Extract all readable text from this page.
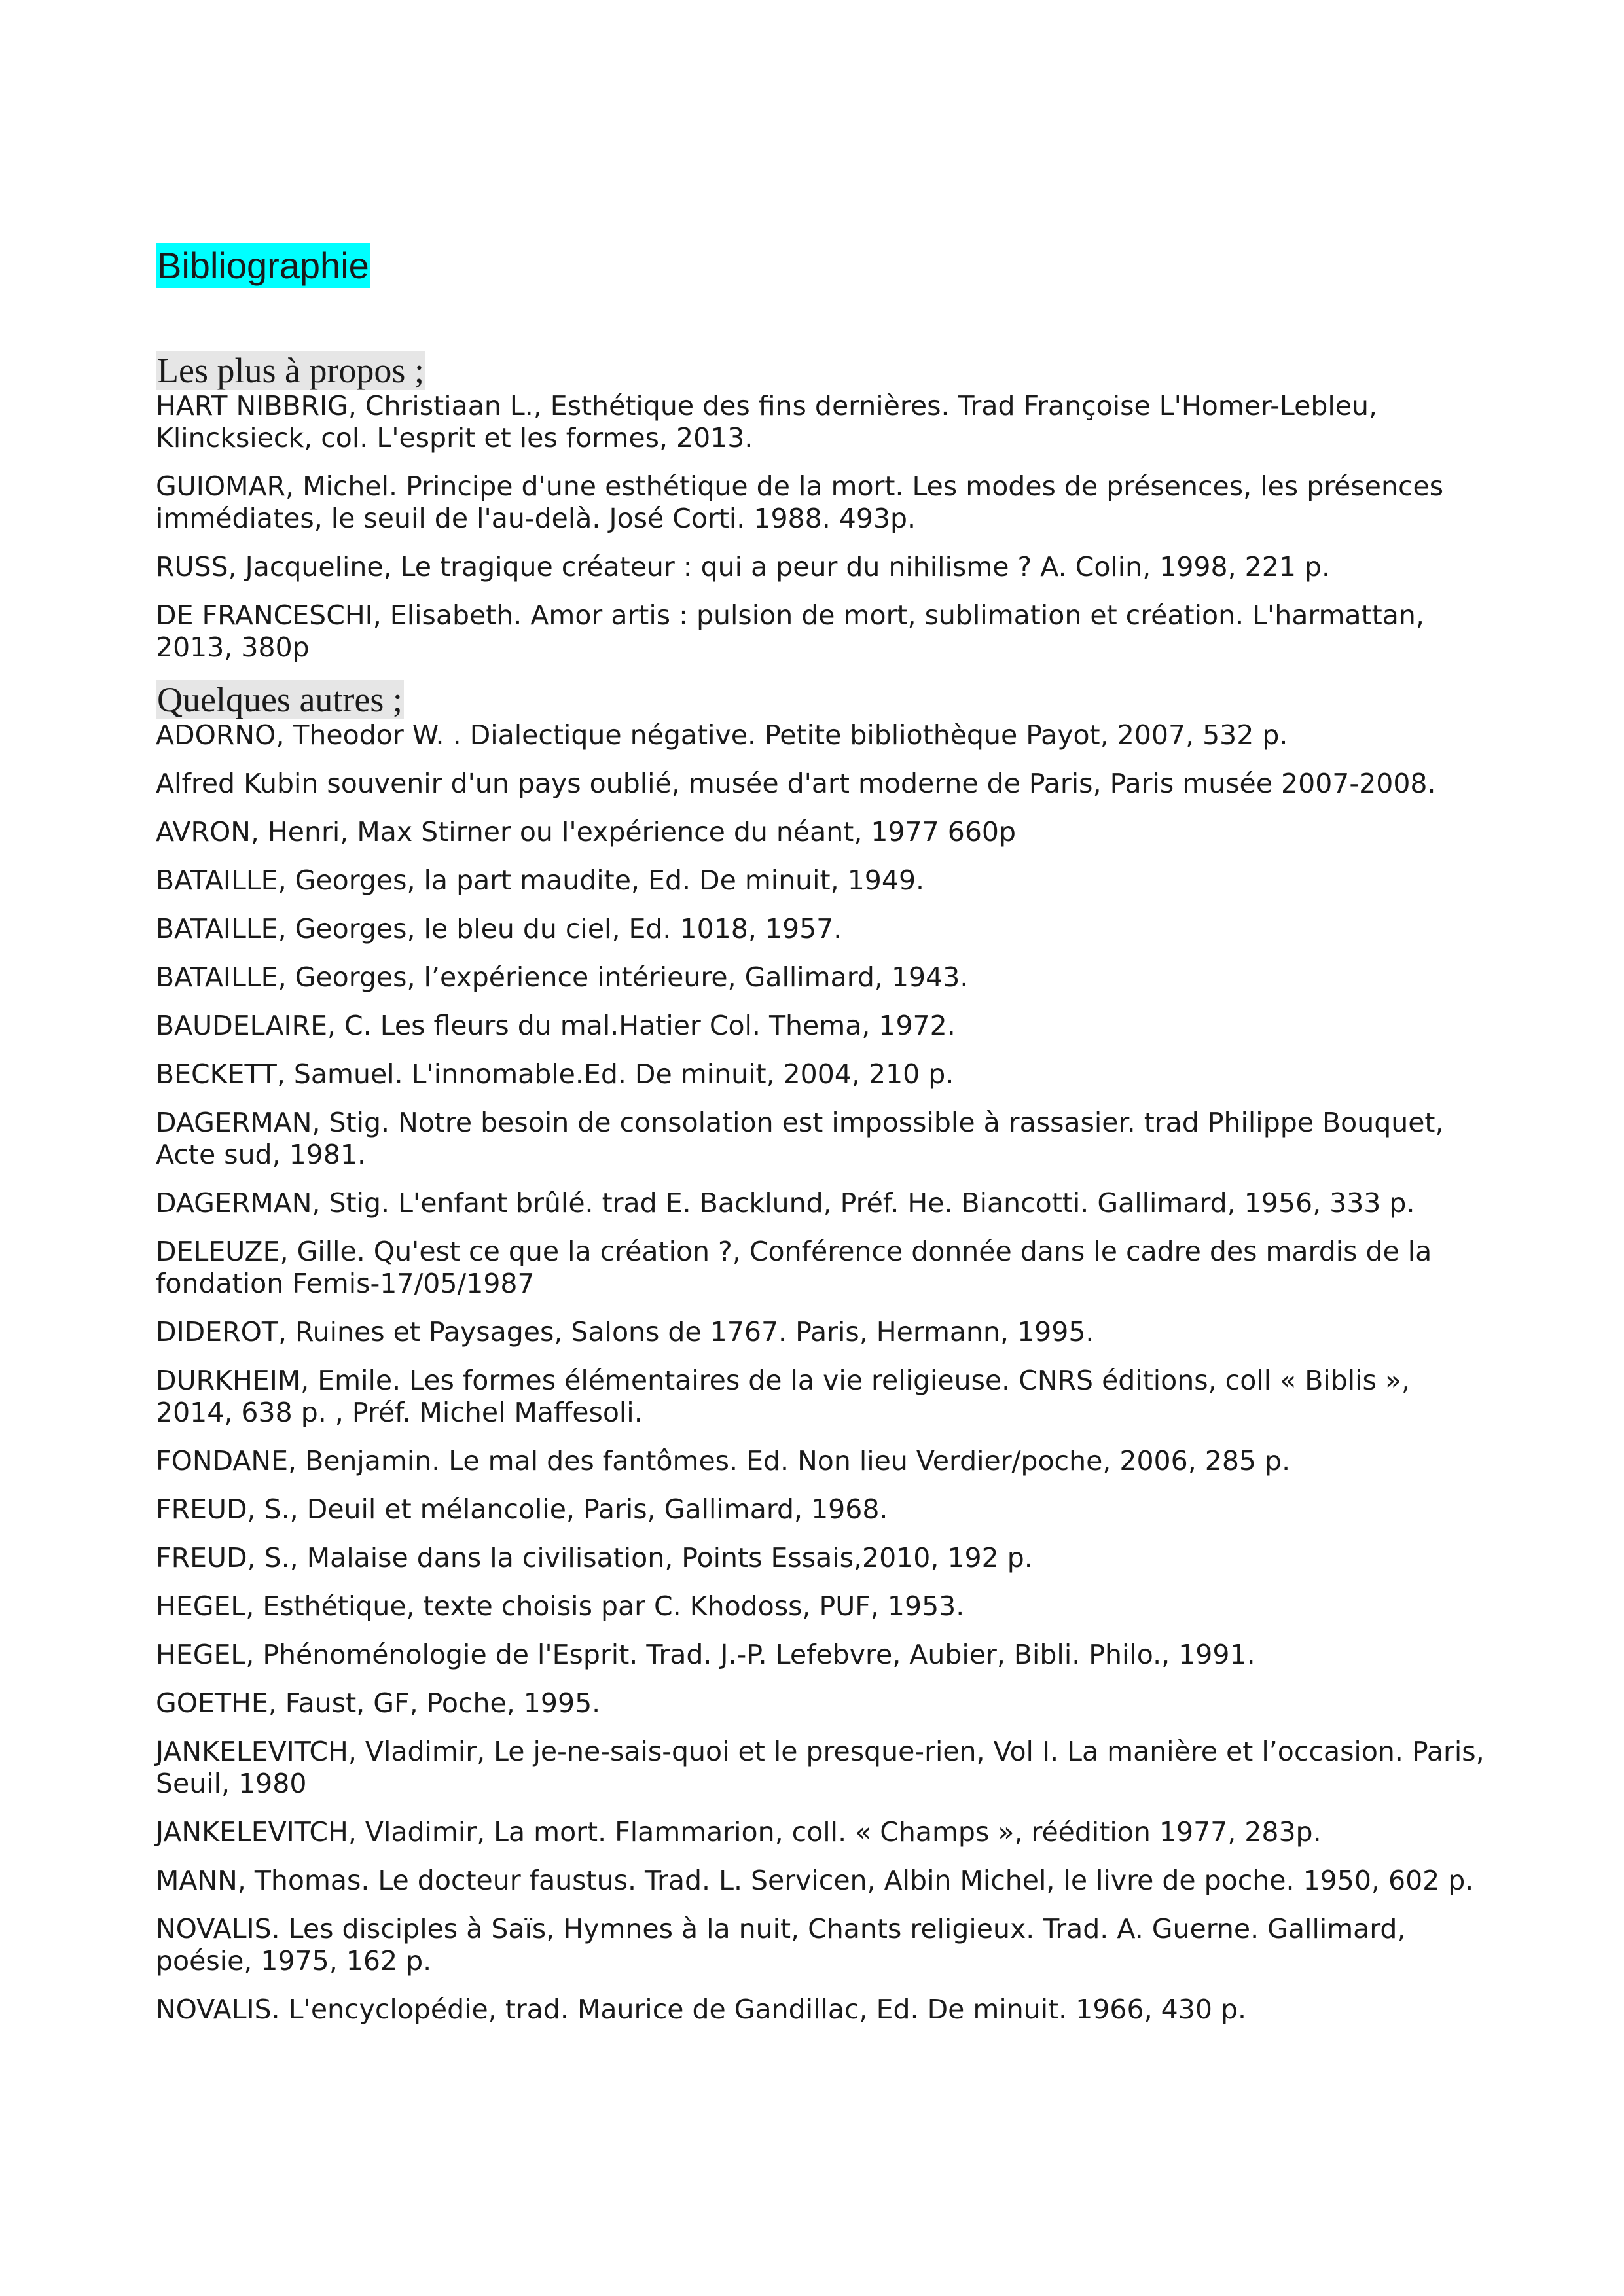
Bibliographie
Les plus à propos ;
HART NIBBRIG, Christiaan L., Esthétique des fins dernières. Trad Françoise L'Homer-Lebleu, Klincksieck, col. L'esprit et les formes, 2013.
GUIOMAR, Michel. Principe d'une esthétique de la mort. Les modes de présences, les présences immédiates, le seuil de l'au-delà. José Corti. 1988. 493p.
RUSS, Jacqueline, Le tragique créateur : qui a peur du nihilisme ? A. Colin, 1998, 221 p.
DE FRANCESCHI, Elisabeth. Amor artis : pulsion de mort, sublimation et création. L'harmattan, 2013, 380p
Quelques autres ;
ADORNO, Theodor W. . Dialectique négative. Petite bibliothèque Payot, 2007, 532 p.
Alfred Kubin souvenir d'un pays oublié, musée d'art moderne de Paris, Paris musée 2007-2008.
AVRON, Henri, Max Stirner ou l'expérience du néant, 1977 660p
BATAILLE, Georges, la part maudite, Ed. De minuit, 1949.
BATAILLE, Georges, le bleu du ciel, Ed. 1018, 1957.
BATAILLE, Georges, l’expérience intérieure, Gallimard, 1943.
BAUDELAIRE, C. Les fleurs du mal.Hatier Col. Thema, 1972.
BECKETT, Samuel. L'innomable.Ed. De minuit, 2004, 210 p.
DAGERMAN, Stig. Notre besoin de consolation est impossible à rassasier. trad Philippe Bouquet, Acte sud, 1981.
DAGERMAN, Stig. L'enfant brûlé. trad E. Backlund, Préf. He. Biancotti. Gallimard, 1956, 333 p.
DELEUZE, Gille. Qu'est ce que la création ?, Conférence donnée dans le cadre des mardis de la fondation Femis-17/05/1987
DIDEROT, Ruines et Paysages, Salons de 1767. Paris, Hermann, 1995.
DURKHEIM, Emile. Les formes élémentaires de la vie religieuse. CNRS éditions, coll « Biblis », 2014, 638 p. , Préf. Michel Maffesoli.
FONDANE, Benjamin. Le mal des fantômes. Ed. Non lieu Verdier/poche, 2006, 285 p.
FREUD, S., Deuil et mélancolie, Paris, Gallimard, 1968.
FREUD, S., Malaise dans la civilisation, Points Essais,2010, 192 p.
HEGEL, Esthétique, texte choisis par C. Khodoss, PUF, 1953.
HEGEL, Phénoménologie de l'Esprit. Trad. J.-P. Lefebvre, Aubier, Bibli. Philo., 1991.
GOETHE, Faust, GF, Poche, 1995.
JANKELEVITCH, Vladimir, Le je-ne-sais-quoi et le presque-rien, Vol I. La manière et l’occasion. Paris, Seuil, 1980
JANKELEVITCH, Vladimir, La mort. Flammarion, coll. « Champs », réédition 1977, 283p.
MANN, Thomas. Le docteur faustus. Trad. L. Servicen, Albin Michel, le livre de poche. 1950, 602 p.
NOVALIS. Les disciples à Saïs, Hymnes à la nuit, Chants religieux. Trad. A. Guerne. Gallimard, poésie, 1975, 162 p.
NOVALIS. L'encyclopédie, trad. Maurice de Gandillac, Ed. De minuit. 1966, 430 p.
